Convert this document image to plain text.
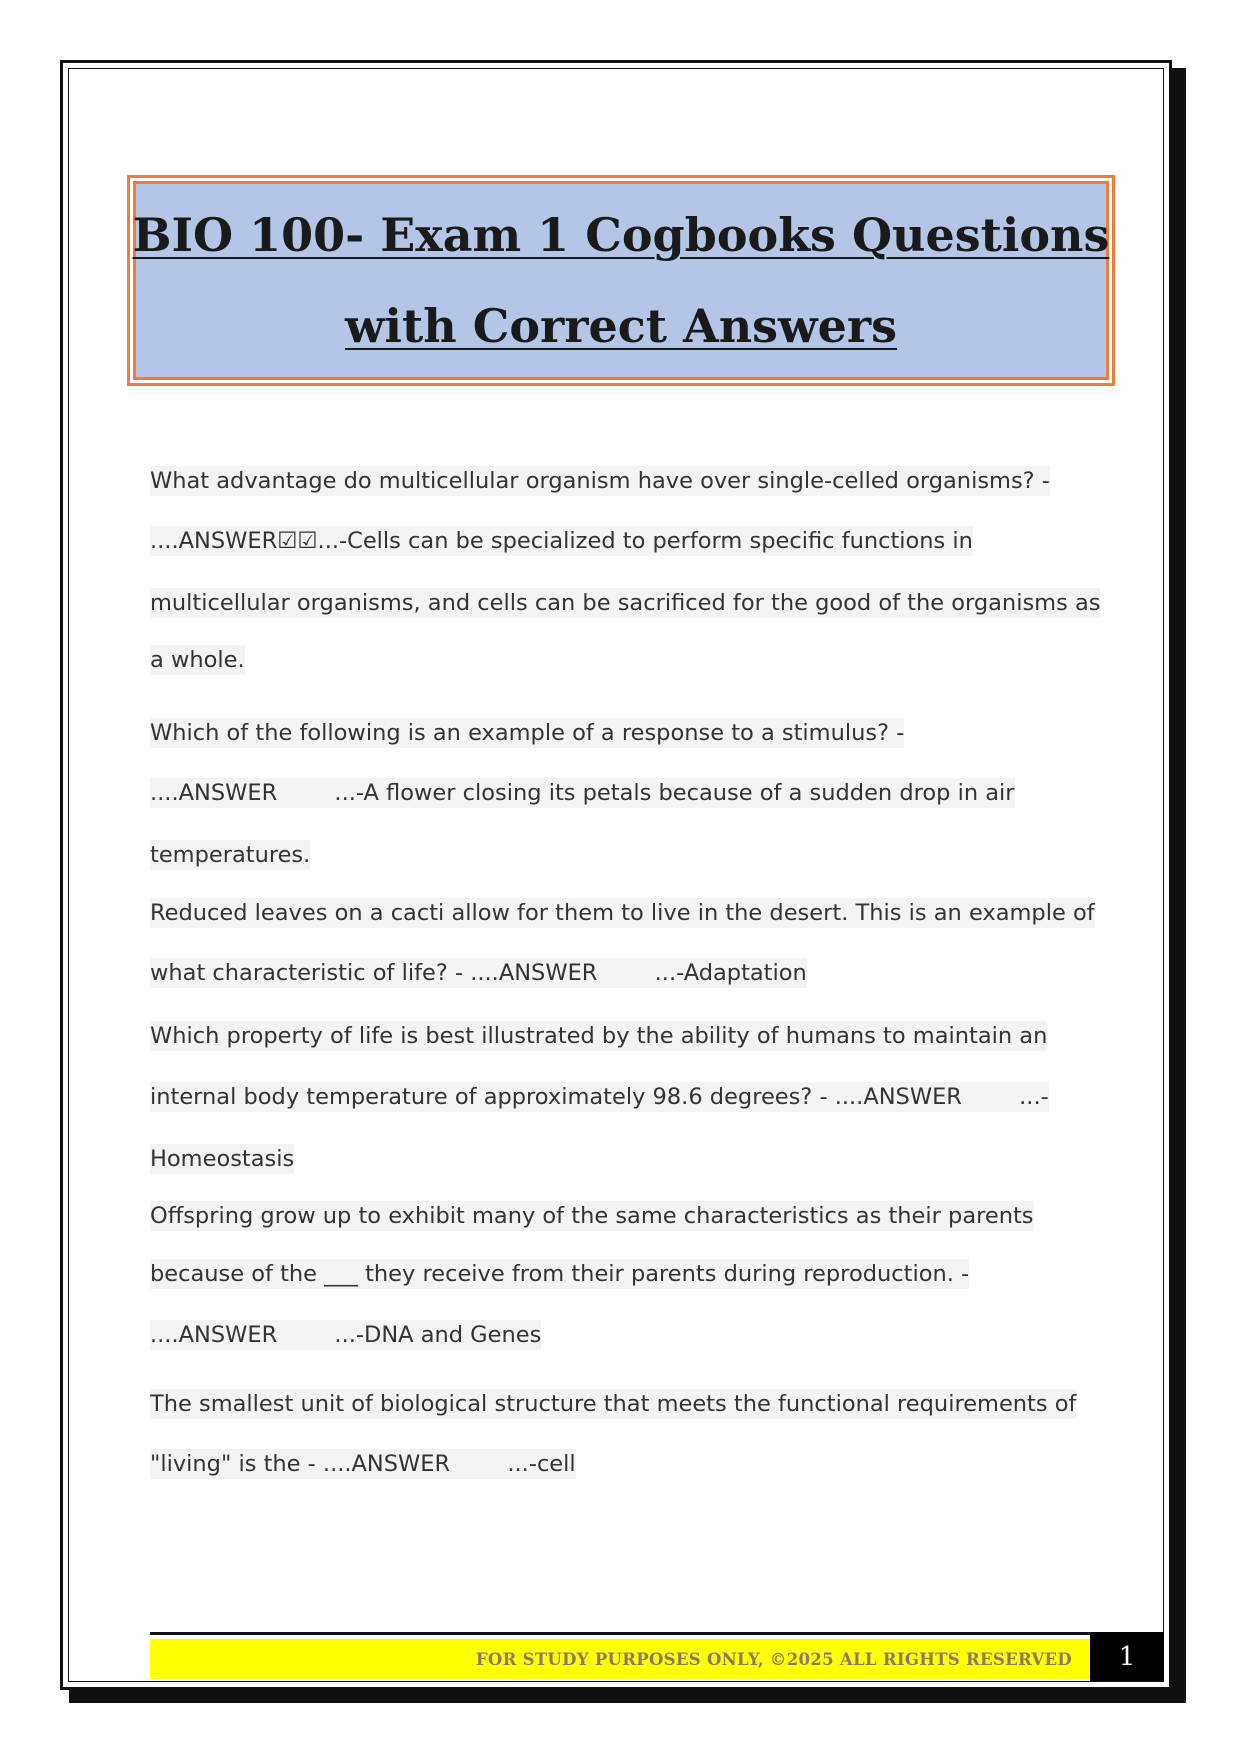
BIO 100- Exam 1 Cogbooks Questions
with Correct Answers
What advantage do multicellular organism have over single-celled organisms? -
....ANSWER☑☑...-Cells can be specialized to perform specific functions in
multicellular organisms, and cells can be sacrificed for the good of the organisms as
a whole.
Which of the following is an example of a response to a stimulus? -
....ANSWER        ...-A flower closing its petals because of a sudden drop in air
temperatures.
Reduced leaves on a cacti allow for them to live in the desert. This is an example of
what characteristic of life? - ....ANSWER        ...-Adaptation
Which property of life is best illustrated by the ability of humans to maintain an
internal body temperature of approximately 98.6 degrees? - ....ANSWER        ...-
Homeostasis
Offspring grow up to exhibit many of the same characteristics as their parents
because of the ___ they receive from their parents during reproduction. -
....ANSWER        ...-DNA and Genes
The smallest unit of biological structure that meets the functional requirements of
"living" is the - ....ANSWER        ...-cell
FOR STUDY PURPOSES ONLY, ©2025 ALL RIGHTS RESERVED 1
